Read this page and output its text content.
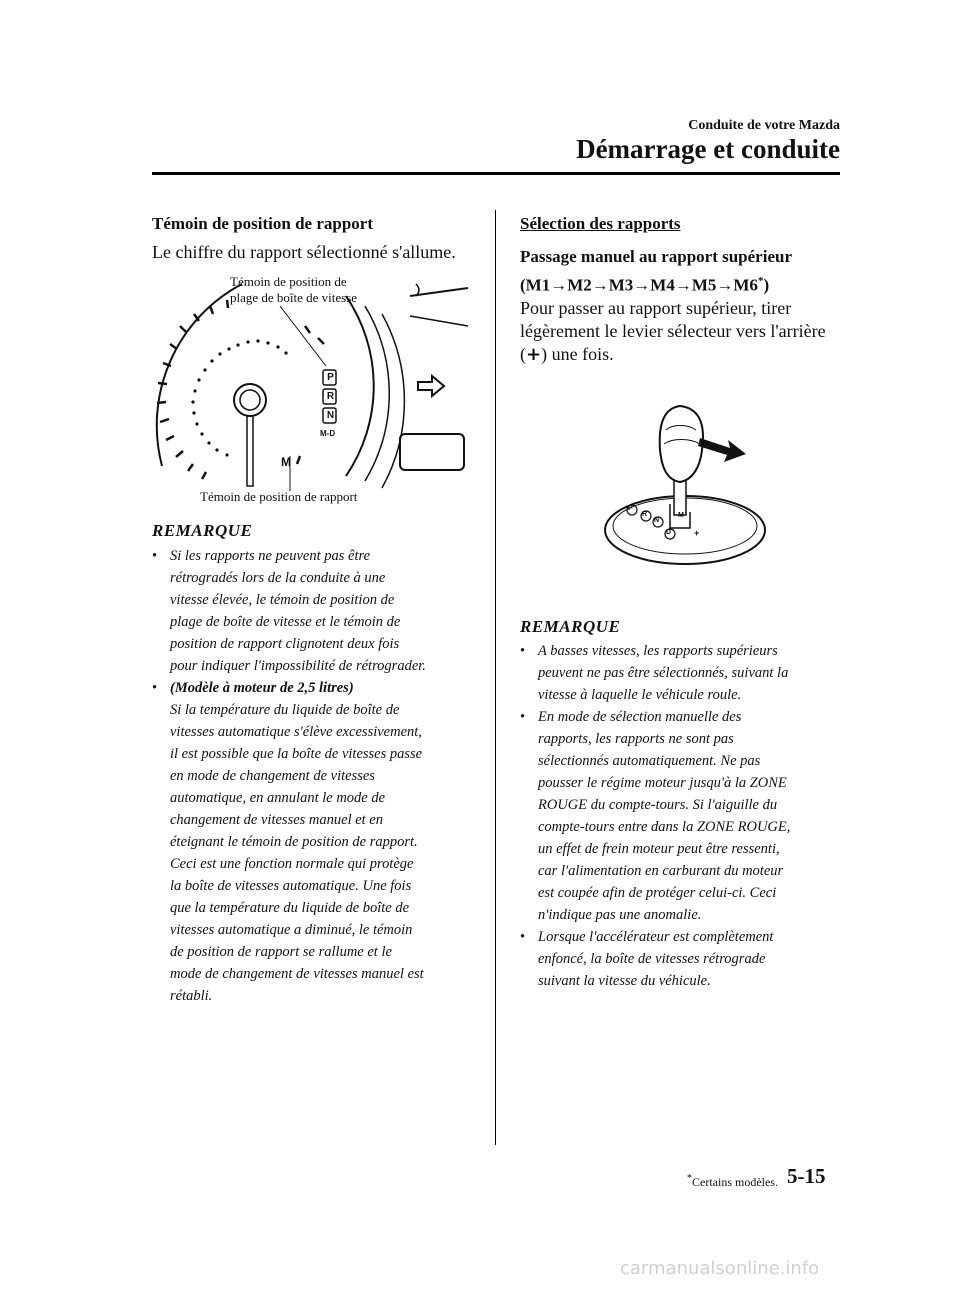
Conduite de votre Mazda
Démarrage et conduite
Témoin de position de rapport
Le chiffre du rapport sélectionné s'allume.
Témoin de position de
plage de boîte de vitesse
Témoin de position de rapport
P
R
N
M-D
M
REMARQUE
• Si les rapports ne peuvent pas être
rétrogradés lors de la conduite à une
vitesse élevée, le témoin de position de
plage de boîte de vitesse et le témoin de
position de rapport clignotent deux fois
pour indiquer l'impossibilité de rétrograder.
• (Modèle à moteur de 2,5 litres)
Si la température du liquide de boîte de
vitesses automatique s'élève excessivement,
il est possible que la boîte de vitesses passe
en mode de changement de vitesses
automatique, en annulant le mode de
changement de vitesses manuel et en
éteignant le témoin de position de rapport.
Ceci est une fonction normale qui protège
la boîte de vitesses automatique. Une fois
que la température du liquide de boîte de
vitesses automatique a diminué, le témoin
de position de rapport se rallume et le
mode de changement de vitesses manuel est
rétabli.
Sélection des rapports
Passage manuel au rapport supérieur
(M1→M2→M3→M4→M5→M6*)
Pour passer au rapport supérieur, tirer
légèrement le levier sélecteur vers l'arrière
(+) une fois.
P
R
N
D
M
+
REMARQUE
• A basses vitesses, les rapports supérieurs
peuvent ne pas être sélectionnés, suivant la
vitesse à laquelle le véhicule roule.
• En mode de sélection manuelle des
rapports, les rapports ne sont pas
sélectionnés automatiquement. Ne pas
pousser le régime moteur jusqu'à la ZONE
ROUGE du compte-tours. Si l'aiguille du
compte-tours entre dans la ZONE ROUGE,
un effet de frein moteur peut être ressenti,
car l'alimentation en carburant du moteur
est coupée afin de protéger celui-ci. Ceci
n'indique pas une anomalie.
• Lorsque l'accélérateur est complètement
enfoncé, la boîte de vitesses rétrograde
suivant la vitesse du véhicule.
*Certains modèles. 5-15
carmanualsonline.info
